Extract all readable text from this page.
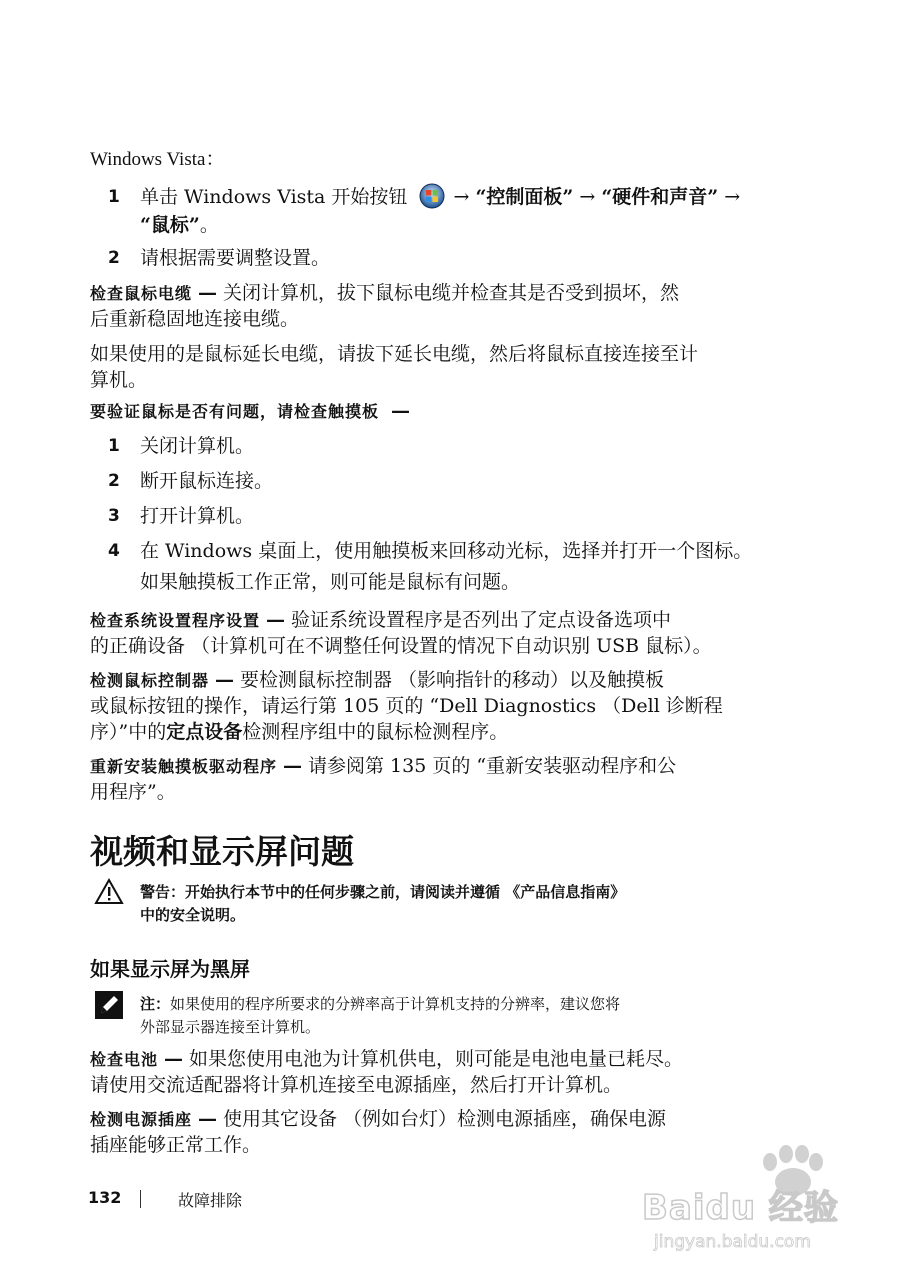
Windows Vista：
1 单击 Windows Vista 开始按钮 → “控制面板” → “硬件和声音” →
“鼠标”。
2 请根据需要调整设置。
检查鼠标电缆 — 关闭计算机，拔下鼠标电缆并检查其是否受到损坏，然
后重新稳固地连接电缆。
如果使用的是鼠标延长电缆，请拔下延长电缆，然后将鼠标直接连接至计
算机。
要验证鼠标是否有问题，请检查触摸板 —
1 关闭计算机。
2 断开鼠标连接。
3 打开计算机。
4 在 Windows 桌面上，使用触摸板来回移动光标，选择并打开一个图标。
如果触摸板工作正常，则可能是鼠标有问题。
检查系统设置程序设置 — 验证系统设置程序是否列出了定点设备选项中
的正确设备 （计算机可在不调整任何设置的情况下自动识别 USB 鼠标）。
检测鼠标控制器 — 要检测鼠标控制器 （影响指针的移动）以及触摸板
或鼠标按钮的操作，请运行第 105 页的 “Dell Diagnostics （Dell 诊断程
序）”中的定点设备检测程序组中的鼠标检测程序。
重新安装触摸板驱动程序 — 请参阅第 135 页的 “重新安装驱动程序和公
用程序”。
视频和显示屏问题
警告：开始执行本节中的任何步骤之前，请阅读并遵循 《产品信息指南》
中的安全说明。
如果显示屏为黑屏
注：如果使用的程序所要求的分辨率高于计算机支持的分辨率，建议您将
外部显示器连接至计算机。
检查电池 — 如果您使用电池为计算机供电，则可能是电池电量已耗尽。
请使用交流适配器将计算机连接至电源插座，然后打开计算机。
检测电源插座 — 使用其它设备 （例如台灯）检测电源插座，确保电源
插座能够正常工作。
132	故障排除	Baidu 经验
jingyan.baidu.com
